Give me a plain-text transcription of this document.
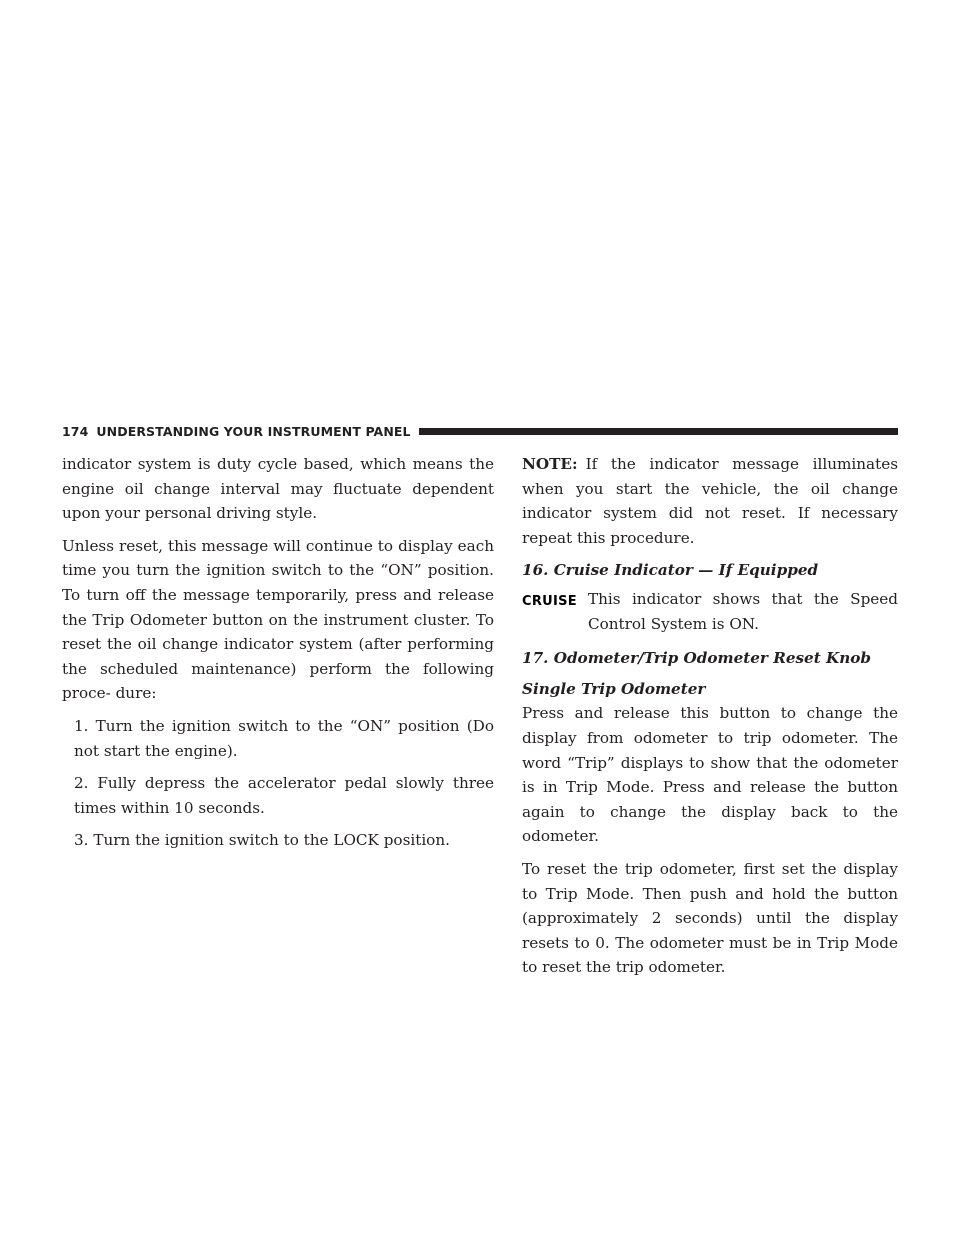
174 UNDERSTANDING YOUR INSTRUMENT PANEL

indicator system is duty cycle based, which means the engine oil change interval may fluctuate dependent upon your personal driving style.

Unless reset, this message will continue to display each time you turn the ignition switch to the “ON” position. To turn off the message temporarily, press and release the Trip Odometer button on the instrument cluster. To reset the oil change indicator system (after performing the scheduled maintenance) perform the following proce- dure:

1. Turn the ignition switch to the “ON” position (Do not start the engine).
2. Fully depress the accelerator pedal slowly three times within 10 seconds.
3. Turn the ignition switch to the LOCK position.

NOTE: If the indicator message illuminates when you start the vehicle, the oil change indicator system did not reset. If necessary repeat this procedure.

16. Cruise Indicator — If Equipped
CRUISE This indicator shows that the Speed Control System is ON.
17. Odometer/Trip Odometer Reset Knob
Single Trip Odometer

Press and release this button to change the display from odometer to trip odometer. The word “Trip” displays to show that the odometer is in Trip Mode. Press and release the button again to change the display back to the odometer.

To reset the trip odometer, first set the display to Trip Mode. Then push and hold the button (approximately 2 seconds) until the display resets to 0. The odometer must be in Trip Mode to reset the trip odometer.
